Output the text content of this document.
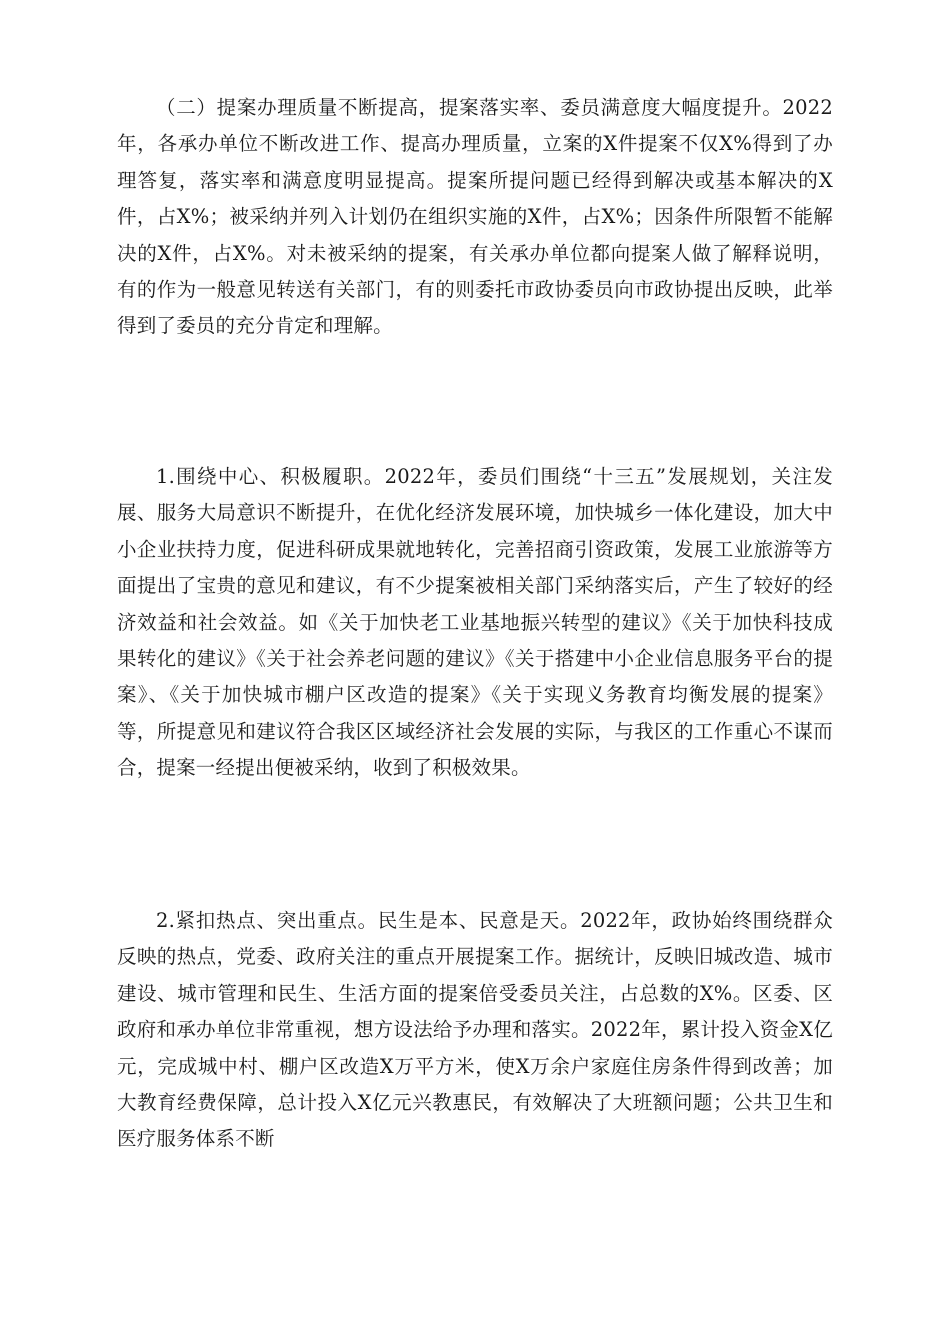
（二）提案办理质量不断提高，提案落实率、委员满意度大幅度提升。2022年，各承办单位不断改进工作、提高办理质量，立案的X件提案不仅X%得到了办理答复，落实率和满意度明显提高。提案所提问题已经得到解决或基本解决的X件，占X%；被采纳并列入计划仍在组织实施的X件，占X%；因条件所限暂不能解决的X件，占X%。对未被采纳的提案，有关承办单位都向提案人做了解释说明，有的作为一般意见转送有关部门，有的则委托市政协委员向市政协提出反映，此举得到了委员的充分肯定和理解。

1.围绕中心、积极履职。2022年，委员们围绕“十三五”发展规划，关注发展、服务大局意识不断提升，在优化经济发展环境，加快城乡一体化建设，加大中小企业扶持力度，促进科研成果就地转化，完善招商引资政策，发展工业旅游等方面提出了宝贵的意见和建议，有不少提案被相关部门采纳落实后，产生了较好的经济效益和社会效益。如《关于加快老工业基地振兴转型的建议》《关于加快科技成果转化的建议》《关于社会养老问题的建议》《关于搭建中小企业信息服务平台的提案》、《关于加快城市棚户区改造的提案》《关于实现义务教育均衡发展的提案》等，所提意见和建议符合我区区域经济社会发展的实际，与我区的工作重心不谋而合，提案一经提出便被采纳，收到了积极效果。

2.紧扣热点、突出重点。民生是本、民意是天。2022年，政协始终围绕群众反映的热点，党委、政府关注的重点开展提案工作。据统计，反映旧城改造、城市建设、城市管理和民生、生活方面的提案倍受委员关注，占总数的X%。区委、区政府和承办单位非常重视，想方设法给予办理和落实。2022年，累计投入资金X亿元，完成城中村、棚户区改造X万平方米，使X万余户家庭住房条件得到改善；加大教育经费保障，总计投入X亿元兴教惠民，有效解决了大班额问题；公共卫生和医疗服务体系不断
